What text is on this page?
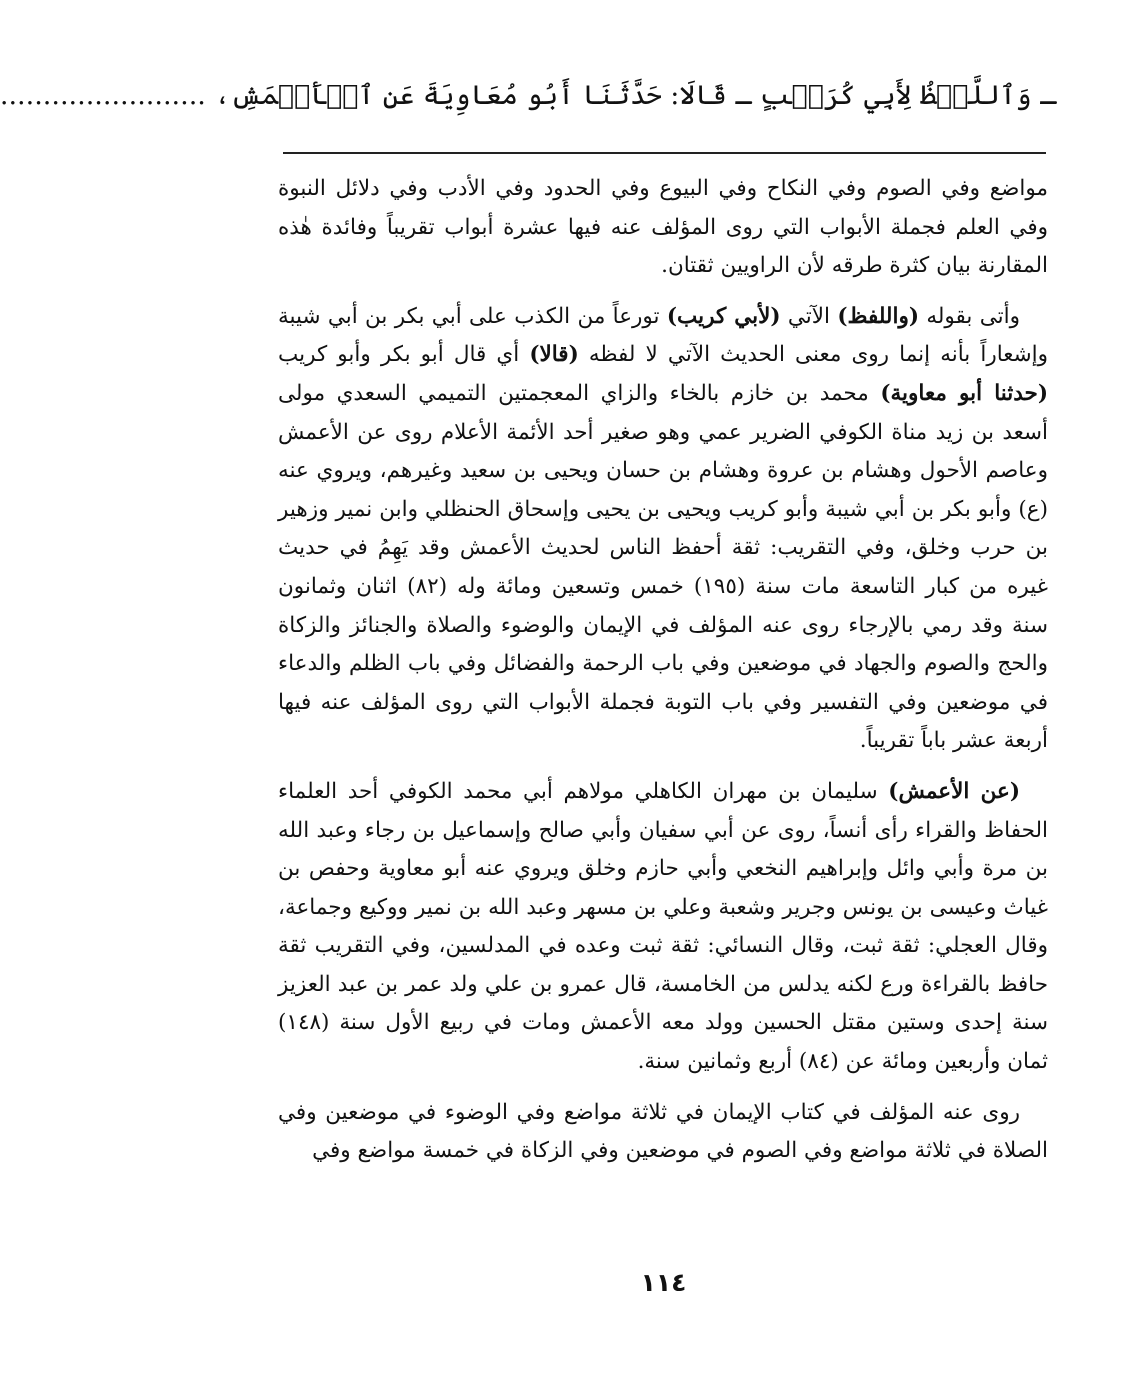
ـ وَٱللَّفۡظُ لِأَبِي كُرَيۡبٍ ـ قَالَا: حَدَّثَنَا أَبُو مُعَاوِيَةَ عَنِ ٱلۡأَعۡمَشِ، ........................

مواضع وفي الصوم وفي النكاح وفي البيوع وفي الحدود وفي الأدب وفي دلائل النبوة وفي العلم فجملة الأبواب التي روى المؤلف عنه فيها عشرة أبواب تقريباً وفائدة هٰذه المقارنة بيان كثرة طرقه لأن الراويين ثقتان.

وأتى بقوله (واللفظ) الآتي (لأبي كريب) تورعاً من الكذب على أبي بكر بن أبي شيبة وإشعاراً بأنه إنما روى معنى الحديث الآتي لا لفظه (قالا) أي قال أبو بكر وأبو كريب (حدثنا أبو معاوية) محمد بن خازم بالخاء والزاي المعجمتين التميمي السعدي مولى أسعد بن زيد مناة الكوفي الضرير عمي وهو صغير أحد الأئمة الأعلام روى عن الأعمش وعاصم الأحول وهشام بن عروة وهشام بن حسان ويحيى بن سعيد وغيرهم، ويروي عنه (ع) وأبو بكر بن أبي شيبة وأبو كريب ويحيى بن يحيى وإسحاق الحنظلي وابن نمير وزهير بن حرب وخلق، وفي التقريب: ثقة أحفظ الناس لحديث الأعمش وقد يَهِمُ في حديث غيره من كبار التاسعة مات سنة (١٩٥) خمس وتسعين ومائة وله (٨٢) اثنان وثمانون سنة وقد رمي بالإرجاء روى عنه المؤلف في الإيمان والوضوء والصلاة والجنائز والزكاة والحج والصوم والجهاد في موضعين وفي باب الرحمة والفضائل وفي باب الظلم والدعاء في موضعين وفي التفسير وفي باب التوبة فجملة الأبواب التي روى المؤلف عنه فيها أربعة عشر باباً تقريباً.

(عن الأعمش) سليمان بن مهران الكاهلي مولاهم أبي محمد الكوفي أحد العلماء الحفاظ والقراء رأى أنساً، روى عن أبي سفيان وأبي صالح وإسماعيل بن رجاء وعبد الله بن مرة وأبي وائل وإبراهيم النخعي وأبي حازم وخلق ويروي عنه أبو معاوية وحفص بن غياث وعيسى بن يونس وجرير وشعبة وعلي بن مسهر وعبد الله بن نمير ووكيع وجماعة، وقال العجلي: ثقة ثبت، وقال النسائي: ثقة ثبت وعده في المدلسين، وفي التقريب ثقة حافظ بالقراءة ورع لكنه يدلس من الخامسة، قال عمرو بن علي ولد عمر بن عبد العزيز سنة إحدى وستين مقتل الحسين وولد معه الأعمش ومات في ربيع الأول سنة (١٤٨) ثمان وأربعين ومائة عن (٨٤) أربع وثمانين سنة.

روى عنه المؤلف في كتاب الإيمان في ثلاثة مواضع وفي الوضوء في موضعين وفي الصلاة في ثلاثة مواضع وفي الصوم في موضعين وفي الزكاة في خمسة مواضع وفي

١١٤
